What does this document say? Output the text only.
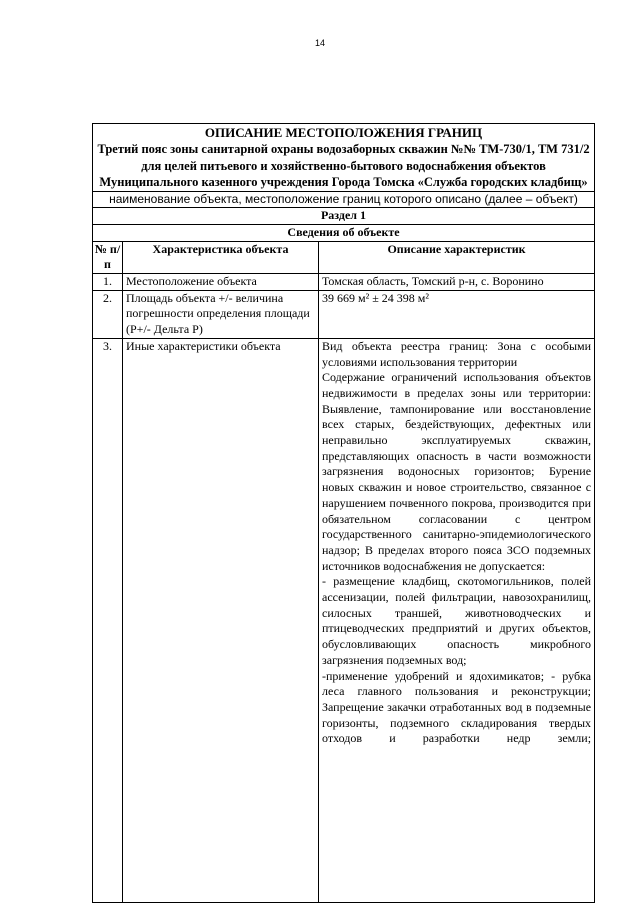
14
ОПИСАНИЕ МЕСТОПОЛОЖЕНИЯ ГРАНИЦ
Третий пояс зоны санитарной охраны водозаборных скважин №№ ТМ-730/1, ТМ 731/2 для целей питьевого и хозяйственно-бытового водоснабжения объектов Муниципального казенного учреждения Города Томска «Служба городских кладбищ»		

наименование объекта, местоположение границ которого описано (далее – объект)		
Раздел 1		
Сведения об объекте		
№ п/п	Характеристика объекта	Описание характеристик
1.	Местоположение объекта	Томская область, Томский р-н, с. Воронино
2.	Площадь объекта +/- величина погрешности определения площади (Р+/- Дельта Р)	39 669 м² ± 24 398 м²
3.	Иные характеристики объекта	Вид объекта реестра границ: Зона с особыми условиями использования территории
Содержание ограничений использования объектов недвижимости в пределах зоны или территории: Выявление, тампонирование или восстановление всех старых, бездействующих, дефектных или неправильно эксплуатируемых скважин, представляющих опасность в части возможности загрязнения водоносных горизонтов; Бурение новых скважин и новое строительство, связанное с нарушением почвенного покрова, производится при обязательном согласовании с центром государственного санитарно-эпидемиологического надзор; В пределах второго пояса ЗСО подземных источников водоснабжения не допускается:
- размещение кладбищ, скотомогильников, полей ассенизации, полей фильтрации, навозохранилищ, силосных траншей, животноводческих и птицеводческих предприятий и других объектов, обусловливающих опасность микробного загрязнения подземных вод;
-применение удобрений и ядохимикатов; - рубка леса главного пользования и реконструкции; Запрещение закачки отработанных вод в подземные горизонты, подземного складирования твердых отходов и разработки недр земли;
